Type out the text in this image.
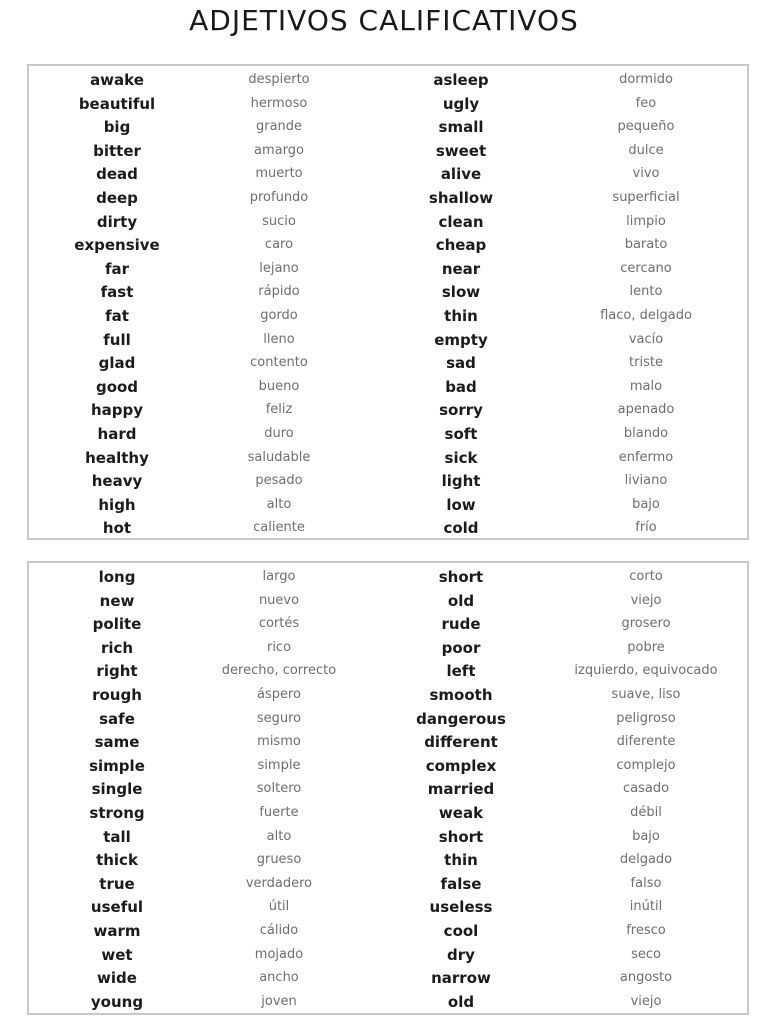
ADJETIVOS CALIFICATIVOS
awake	despierto	asleep	dormido
beautiful	hermoso	ugly	feo
big	grande	small	pequeño
bitter	amargo	sweet	dulce
dead	muerto	alive	vivo
deep	profundo	shallow	superficial
dirty	sucio	clean	limpio
expensive	caro	cheap	barato
far	lejano	near	cercano
fast	rápido	slow	lento
fat	gordo	thin	flaco, delgado
full	lleno	empty	vacío
glad	contento	sad	triste
good	bueno	bad	malo
happy	feliz	sorry	apenado
hard	duro	soft	blando
healthy	saludable	sick	enfermo
heavy	pesado	light	liviano
high	alto	low	bajo
hot	caliente	cold	frío
long	largo	short	corto
new	nuevo	old	viejo
polite	cortés	rude	grosero
rich	rico	poor	pobre
right	derecho, correcto	left	izquierdo, equivocado
rough	áspero	smooth	suave, liso
safe	seguro	dangerous	peligroso
same	mismo	different	diferente
simple	simple	complex	complejo
single	soltero	married	casado
strong	fuerte	weak	débil
tall	alto	short	bajo
thick	grueso	thin	delgado
true	verdadero	false	falso
useful	útil	useless	inútil
warm	cálido	cool	fresco
wet	mojado	dry	seco
wide	ancho	narrow	angosto
young	joven	old	viejo
